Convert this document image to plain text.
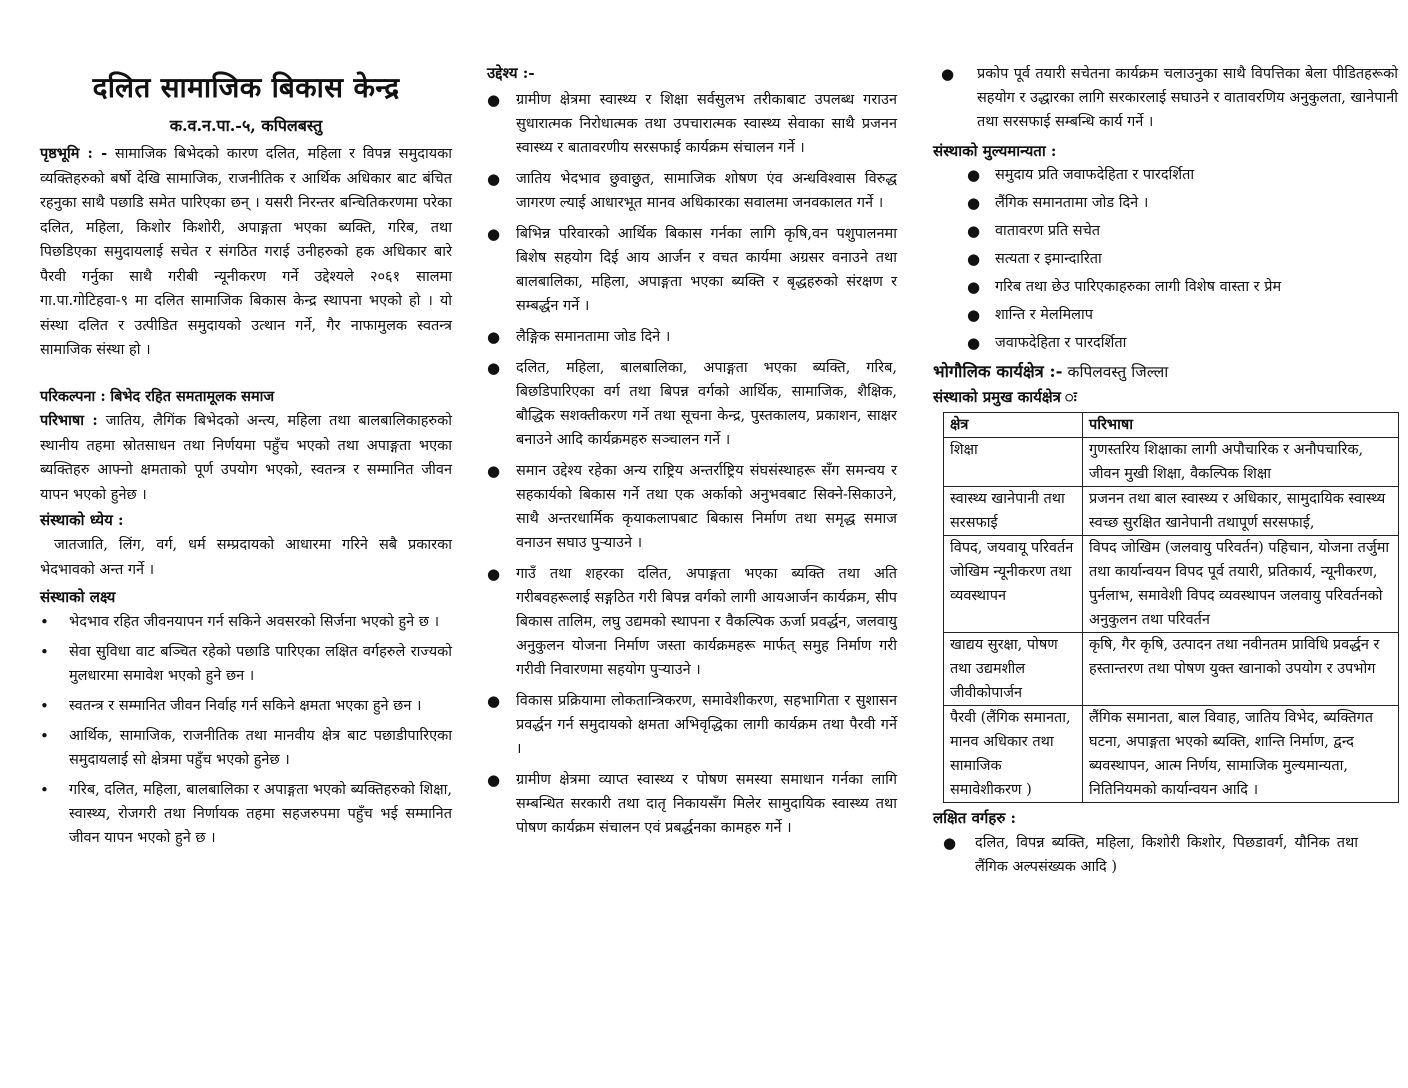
दलित सामाजिक बिकास केन्द्र
क.व.न.पा.-५, कपिलबस्तु

पृष्ठभूमि : - सामाजिक बिभेदको कारण दलित, महिला र विपन्न समुदायका व्यक्तिहरुको बर्षो देखि सामाजिक, राजनीतिक र आर्थिक अधिकार बाट बंचित रहनुका साथै पछाडि समेत पारिएका छन् । यसरी निरन्तर बन्चितिकरणमा परेका दलित, महिला, किशोर किशोरी, अपाङ्गता भएका ब्यक्ति, गरिब, तथा पिछडिएका समुदायलाई सचेत र संगठित गराई उनीहरुको हक अधिकार बारे पैरवी गर्नुका साथै गरीबी न्यूनीकरण गर्ने उद्देश्यले २०६१ सालमा गा.पा.गोटिहवा-९ मा दलित सामाजिक बिकास केन्द्र स्थापना भएको हो । यो संस्था दलित र उत्पीडित समुदायको उत्थान गर्ने, गैर नाफामुलक स्वतन्त्र सामाजिक संस्था हो ।

परिकल्पना : बिभेद रहित समतामूलक समाज

परिभाषा : जातिय, लैगिंक बिभेदको अन्त्य, महिला तथा बालबालिकाहरुको स्थानीय तहमा स्रोतसाधन तथा निर्णयमा पहुँच भएको तथा अपाङ्गता भएका ब्यक्तिहरु आफ्नो क्षमताको पूर्ण उपयोग भएको, स्वतन्त्र र सम्मानित जीवन यापन भएको हुनेछ ।

संस्थाको ध्येय :

जातजाति, लिंग, वर्ग, धर्म सम्प्रदायको आधारमा गरिने सबै प्रकारका भेदभावको अन्त गर्ने ।

संस्थाको लक्ष्य
• भेदभाव रहित जीवनयापन गर्न सकिने अवसरको सिर्जना भएको हुने छ ।
• सेवा सुविधा वाट बञ्चित रहेको पछाडि पारिएका लक्षित वर्गहरुले राज्यको मुलधारमा समावेश भएको हुने छन ।
• स्वतन्त्र र सम्मानित जीवन निर्वाह गर्न सकिने क्षमता भएका हुने छन ।
• आर्थिक, सामाजिक, राजनीतिक तथा मानवीय क्षेत्र बाट पछाडीपारिएका समुदायलाई सो क्षेत्रमा पहुँच भएको हुनेछ ।
• गरिब, दलित, महिला, बालबालिका र अपाङ्गता भएको ब्यक्तिहरुको शिक्षा, स्वास्थ्य, रोजगरी तथा निर्णायक तहमा सहजरुपमा पहुँच भई सम्मानित जीवन यापन भएको हुने छ ।
उद्देश्य :-
● ग्रामीण क्षेत्रमा स्वास्थ्य र शिक्षा सर्वसुलभ तरीकाबाट उपलब्ध गराउन सुधारात्मक निरोधात्मक तथा उपचारात्मक स्वास्थ्य सेवाका साथै प्रजनन स्वास्थ्य र बातावरणीय सरसफाई कार्यक्रम संचालन गर्ने ।
● जातिय भेदभाव छुवाछुत, सामाजिक शोषण एंव अन्धविश्वास विरुद्ध जागरण ल्याई आधारभूत मानव अधिकारका सवालमा जनवकालत गर्ने ।
● बिभिन्न परिवारको आर्थिक बिकास गर्नका लागि कृषि,वन पशुपालनमा बिशेष सहयोग दिई आय आर्जन र वचत कार्यमा अग्रसर वनाउने तथा बालबालिका, महिला, अपाङ्गता भएका ब्यक्ति र बृद्धहरुको संरक्षण र सम्बर्द्धन गर्ने ।
● लैङ्गिक समानतामा जोड दिने ।
● दलित, महिला, बालबालिका, अपाङ्गता भएका ब्यक्ति, गरिब, बिछडिपारिएका वर्ग तथा बिपन्न वर्गको आर्थिक, सामाजिक, शैक्षिक, बौद्धिक सशक्तीकरण गर्ने तथा सूचना केन्द्र, पुस्तकालय, प्रकाशन, साक्षर बनाउने आदि कार्यक्रमहरु सञ्चालन गर्ने ।
● समान उद्देश्य रहेका अन्य राष्ट्रिय अन्तर्राष्ट्रिय संघसंस्थाहरू सँग समन्वय र सहकार्यको बिकास गर्ने तथा एक अर्काको अनुभवबाट सिक्ने-सिकाउने, साथै अन्तरधार्मिक कृयाकलापबाट बिकास निर्माण तथा समृद्ध समाज वनाउन सघाउ पुऱ्याउने ।
● गाउँ तथा शहरका दलित, अपाङ्गता भएका ब्यक्ति तथा अति गरीबवहरूलाई सङ्गठित गरी बिपन्न वर्गको लागी आयआर्जन कार्यक्रम, सीप बिकास तालिम, लघु उद्यमको स्थापना र वैकल्पिक ऊर्जा प्रवर्द्धन, जलवायु अनुकुलन योजना निर्माण जस्ता कार्यक्रमहरू मार्फत् समुह निर्माण गरी गरीवी निवारणमा सहयोग पुऱ्याउने ।
● विकास प्रक्रियामा लोकतान्त्रिकरण, समावेशीकरण, सहभागिता र सुशासन प्रवर्द्धन गर्न समुदायको क्षमता अभिवृद्धिका लागी कार्यक्रम तथा पैरवी गर्ने ।
● ग्रामीण क्षेत्रमा व्याप्त स्वास्थ्य र पोषण समस्या समाधान गर्नका लागि सम्बन्धित सरकारी तथा दातृ निकायसँग मिलेर सामुदायिक स्वास्थ्य तथा पोषण कार्यक्रम संचालन एवं प्रबर्द्धनका कामहरु गर्ने ।
● प्रकोप पूर्व तयारी सचेतना कार्यक्रम चलाउनुका साथै विपत्तिका बेला पीडितहरूको सहयोग र उद्धारका लागि सरकारलाई सघाउने र वातावरणिय अनुकुलता, खानेपानी तथा सरसफाई सम्बन्धि कार्य गर्ने ।
संस्थाको मुल्यमान्यता :
● समुदाय प्रति जवाफदेहिता र पारदर्शिता
● लैंगिक समानतामा जोड दिने ।
● वातावरण प्रति सचेत
● सत्यता र इमान्दारिता
● गरिब तथा छेउ पारिएकाहरुका लागी विशेष वास्ता र प्रेम
● शान्ति र मेलमिलाप
● जवाफदेहिता र पारदर्शिता
भोगौलिक कार्यक्षेत्र :- कपिलवस्तु जिल्ला
संस्थाको प्रमुख कार्यक्षेत्र ः
क्षेत्र	परिभाषा
शिक्षा	गुणस्तरिय शिक्षाका लागी अपौचारिक र अनौपचारिक, जीवन मुखी शिक्षा, वैकल्पिक शिक्षा
स्वास्थ्य खानेपानी तथा सरसफाई	प्रजनन तथा बाल स्वास्थ्य र अधिकार, सामुदायिक स्वास्थ्य स्वच्छ सुरक्षित खानेपानी तथापूर्ण सरसफाई,
विपद, जयवायू परिवर्तन जोखिम न्यूनीकरण तथा व्यवस्थापन	विपद जोखिम (जलवायु परिवर्तन) पहिचान, योजना तर्जुमा तथा कार्यान्वयन विपद पूर्व तयारी, प्रतिकार्य, न्यूनीकरण, पुर्नलाभ, समावेशी विपद व्यवस्थापन जलवायु परिवर्तनको अनुकुलन तथा परिवर्तन
खाद्यय सुरक्षा, पोषण तथा उद्यमशील जीवीकोपार्जन	कृषि, गैर कृषि, उत्पादन तथा नवीनतम प्राविधि प्रवर्द्धन र हस्तान्तरण तथा पोषण युक्त खानाको उपयोग र उपभोग
पैरवी (लैंगिक समानता, मानव अधिकार तथा सामाजिक समावेशीकरण )	लैंगिक समानता, बाल विवाह, जातिय विभेद, ब्यक्तिगत घटना, अपाङ्गता भएको ब्यक्ति, शान्ति निर्माण, द्वन्द ब्यवस्थापन, आत्म निर्णय, सामाजिक मुल्यमान्यता, नितिनियमको कार्यान्वयन आदि ।
लक्षित वर्गहरु :
● दलित, विपन्न ब्यक्ति, महिला, किशोरी किशोर, पिछडावर्ग, यौनिक तथा लैंगिक अल्पसंख्यक आदि )
